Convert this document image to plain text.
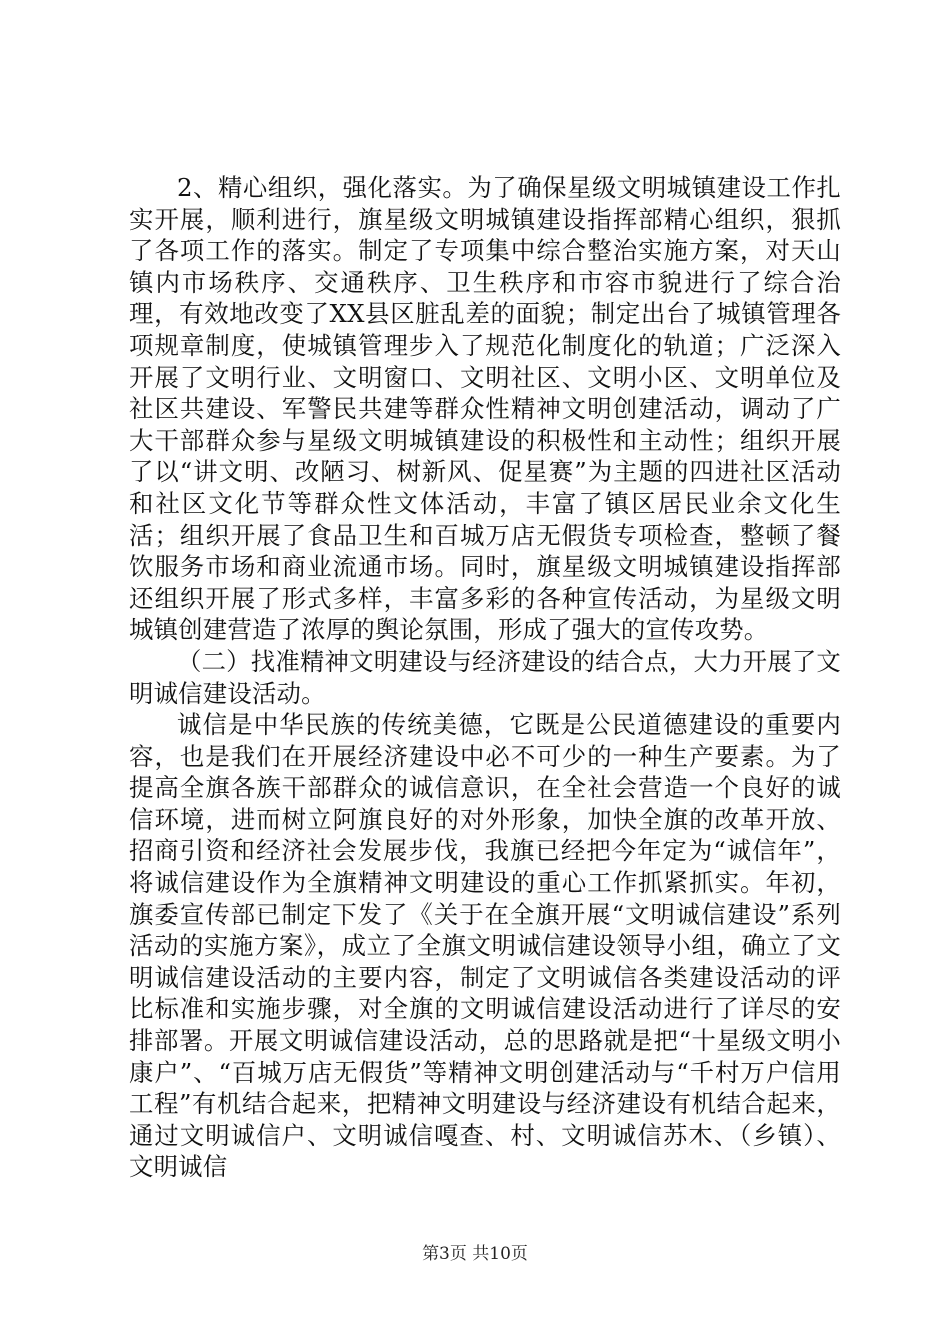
2、精心组织，强化落实。为了确保星级文明城镇建设工作扎实开展，顺利进行，旗星级文明城镇建设指挥部精心组织，狠抓了各项工作的落实。制定了专项集中综合整治实施方案，对天山镇内市场秩序、交通秩序、卫生秩序和市容市貌进行了综合治理，有效地改变了XX县区脏乱差的面貌；制定出台了城镇管理各项规章制度，使城镇管理步入了规范化制度化的轨道；广泛深入开展了文明行业、文明窗口、文明社区、文明小区、文明单位及社区共建设、军警民共建等群众性精神文明创建活动，调动了广大干部群众参与星级文明城镇建设的积极性和主动性；组织开展了以“讲文明、改陋习、树新风、促星赛”为主题的四进社区活动和社区文化节等群众性文体活动，丰富了镇区居民业余文化生活；组织开展了食品卫生和百城万店无假货专项检查，整顿了餐饮服务市场和商业流通市场。同时，旗星级文明城镇建设指挥部还组织开展了形式多样，丰富多彩的各种宣传活动，为星级文明城镇创建营造了浓厚的舆论氛围，形成了强大的宣传攻势。

（二）找准精神文明建设与经济建设的结合点，大力开展了文明诚信建设活动。

诚信是中华民族的传统美德，它既是公民道德建设的重要内容，也是我们在开展经济建设中必不可少的一种生产要素。为了提高全旗各族干部群众的诚信意识，在全社会营造一个良好的诚信环境，进而树立阿旗良好的对外形象，加快全旗的改革开放、招商引资和经济社会发展步伐，我旗已经把今年定为“诚信年”，将诚信建设作为全旗精神文明建设的重心工作抓紧抓实。年初，旗委宣传部已制定下发了《关于在全旗开展“文明诚信建设”系列活动的实施方案》，成立了全旗文明诚信建设领导小组，确立了文明诚信建设活动的主要内容，制定了文明诚信各类建设活动的评比标准和实施步骤，对全旗的文明诚信建设活动进行了详尽的安排部署。开展文明诚信建设活动，总的思路就是把“十星级文明小康户”、“百城万店无假货”等精神文明创建活动与“千村万户信用工程”有机结合起来，把精神文明建设与经济建设有机结合起来，通过文明诚信户、文明诚信嘎查、村、文明诚信苏木、（乡镇）、文明诚信

第3页 共10页
